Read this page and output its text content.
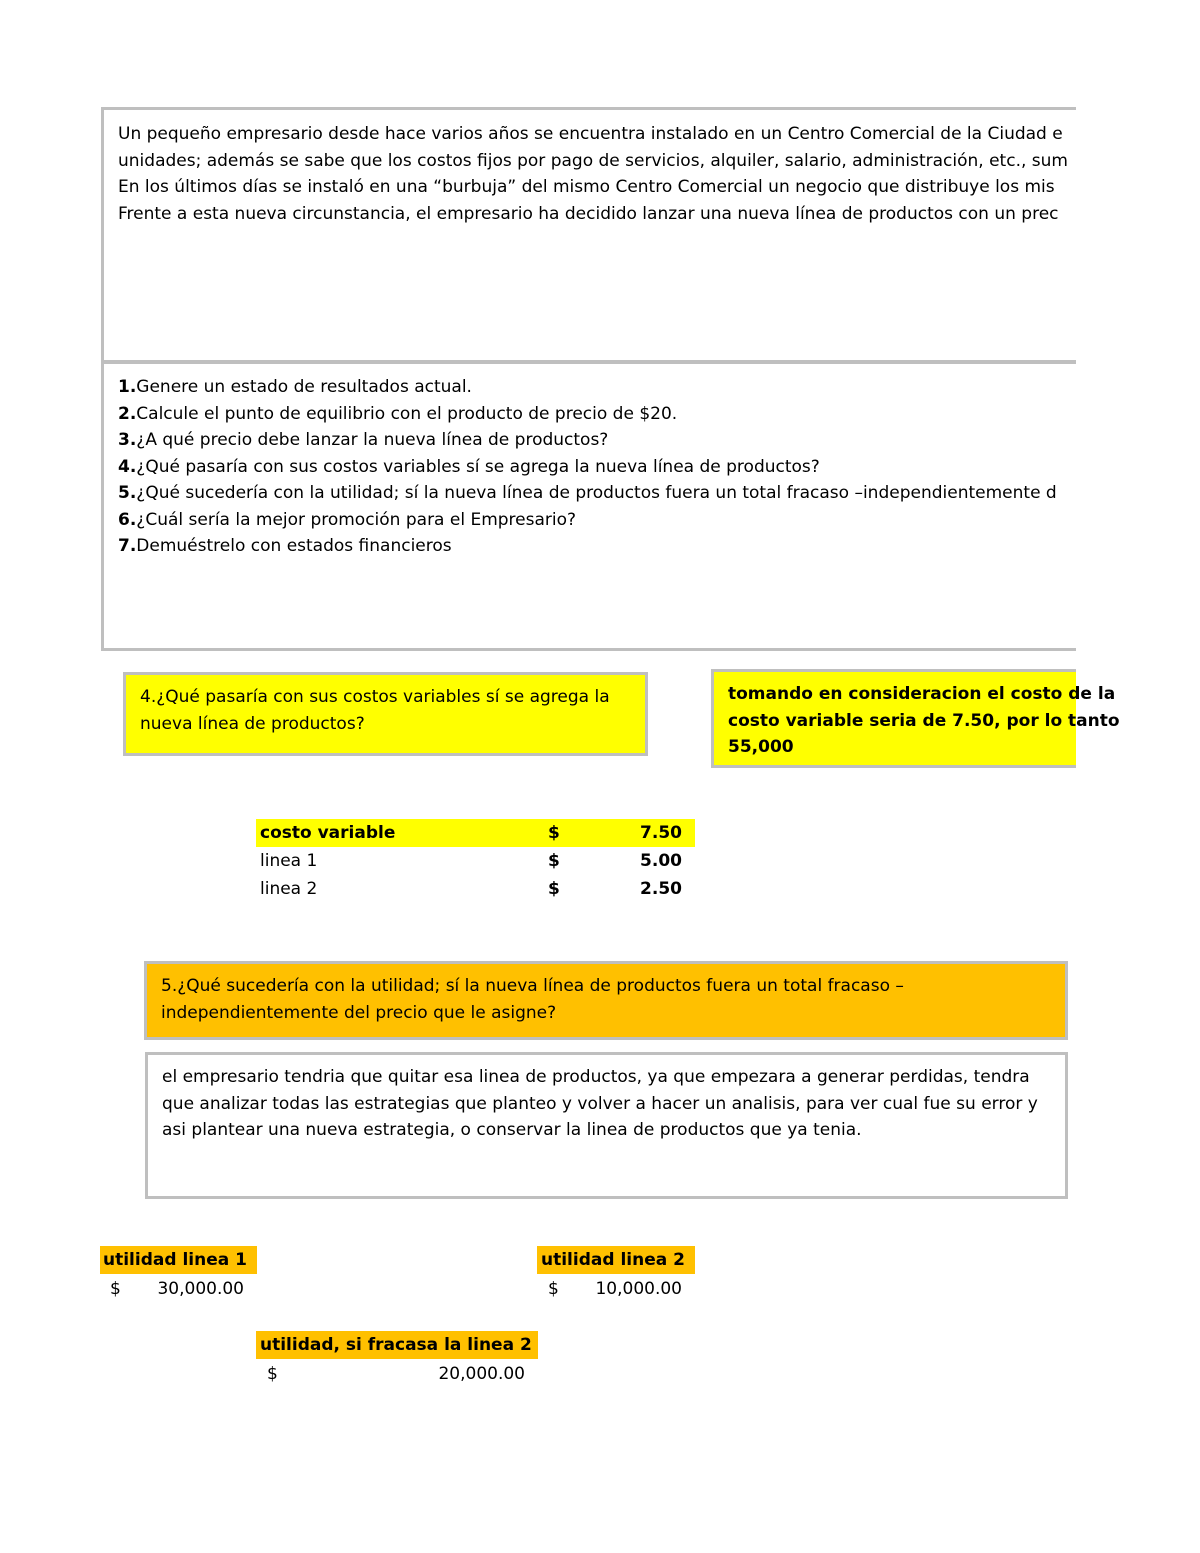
Un pequeño empresario desde hace varios años se encuentra instalado en un Centro Comercial de la Ciudad e
unidades; además se sabe que los costos fijos por pago de servicios, alquiler, salario, administración, etc., sum
En los últimos días se instaló en una “burbuja” del mismo Centro Comercial un negocio que distribuye los mis
Frente a esta nueva circunstancia, el empresario ha decidido lanzar una nueva línea de productos con un prec
1.Genere un estado de resultados actual.
2.Calcule el punto de equilibrio con el producto de precio de $20.
3.¿A qué precio debe lanzar la nueva línea de productos?
4.¿Qué pasaría con sus costos variables sí se agrega la nueva línea de productos?
5.¿Qué sucedería con la utilidad; sí la nueva línea de productos fuera un total fracaso –independientemente d
6.¿Cuál sería la mejor promoción para el Empresario?
7.Demuéstrelo con estados financieros
4.¿Qué pasaría con sus costos variables sí se agrega la
nueva línea de productos?
tomando en consideracion el costo de la
costo variable seria de 7.50, por lo tanto
55,000
costo variable	$	7.50
linea 1	$	5.00
linea 2	$	2.50
5.¿Qué sucedería con la utilidad; sí la nueva línea de productos fuera un total fracaso – independientemente del precio que le asigne?
el empresario tendria que quitar esa linea de productos, ya que empezara a generar perdidas, tendra que analizar todas las estrategias que planteo y volver a hacer un analisis, para ver cual fue su error y asi plantear una nueva estrategia, o conservar la linea de productos que ya tenia.
utilidad linea 1
$	30,000.00
utilidad linea 2
$	10,000.00
utilidad, si fracasa la linea 2
$	20,000.00
